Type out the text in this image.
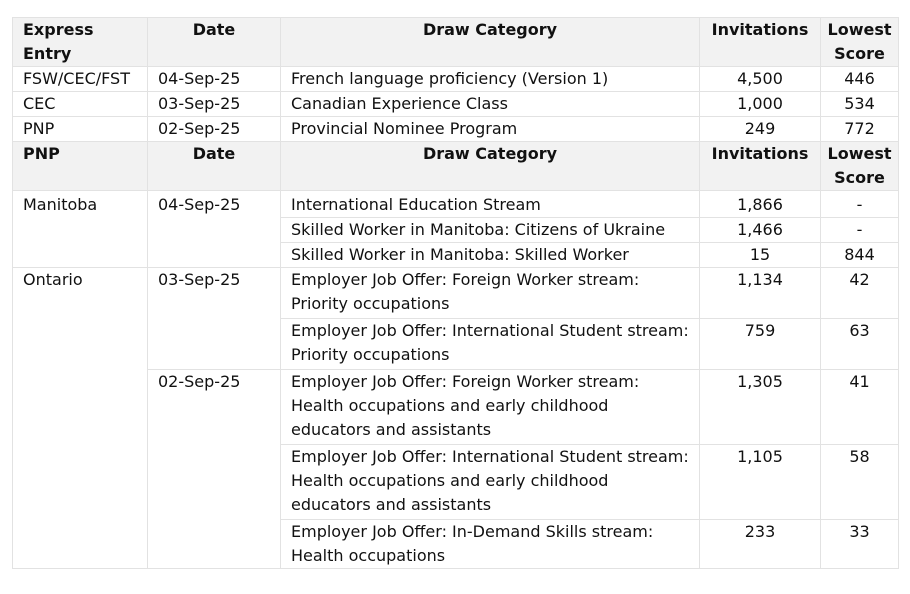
Express Entry	Date	Draw Category	Invitations	Lowest Score
FSW/CEC/FST	04-Sep-25	French language proficiency (Version 1)	4,500	446
CEC	03-Sep-25	Canadian Experience Class	1,000	534
PNP	02-Sep-25	Provincial Nominee Program	249	772
PNP	Date	Draw Category	Invitations	Lowest Score
Manitoba	04-Sep-25	International Education Stream	1,866	-
		Skilled Worker in Manitoba: Citizens of Ukraine	1,466	-
		Skilled Worker in Manitoba: Skilled Worker	15	844
Ontario	03-Sep-25	Employer Job Offer: Foreign Worker stream: Priority occupations	1,134	42
		Employer Job Offer: International Student stream: Priority occupations	759	63
	02-Sep-25	Employer Job Offer: Foreign Worker stream: Health occupations and early childhood educators and assistants	1,305	41
		Employer Job Offer: International Student stream: Health occupations and early childhood educators and assistants	1,105	58
		Employer Job Offer: In-Demand Skills stream: Health occupations	233	33
